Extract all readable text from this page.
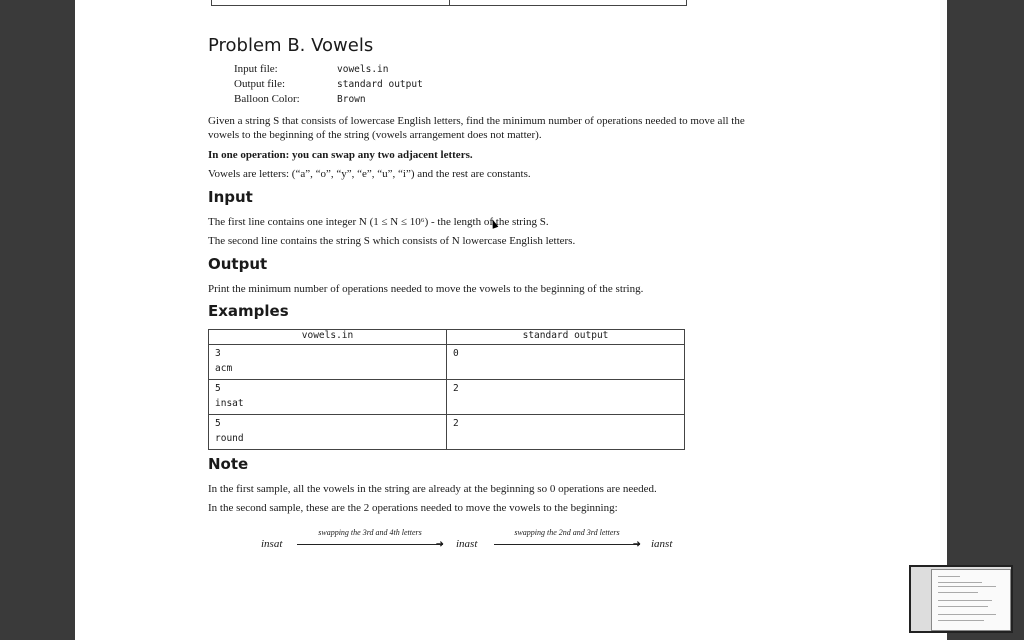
Problem B. Vowels
Input file:	vowels.in
Output file:	standard output
Balloon Color:	Brown
Given a string S that consists of lowercase English letters, find the minimum number of operations needed to move all the vowels to the beginning of the string (vowels arrangement does not matter).
In one operation: you can swap any two adjacent letters.
Vowels are letters: (“a”, “o”, “y”, “e”, “u”, “i”) and the rest are constants.
Input
The first line contains one integer N (1 ≤ N ≤ 10⁶) - the length of the string S.
The second line contains the string S which consists of N lowercase English letters.
Output
Print the minimum number of operations needed to move the vowels to the beginning of the string.
Examples
vowels.in	standard output
3
acm	0
5
insat	2
5
round	2
Note
In the first sample, all the vowels in the string are already at the beginning so 0 operations are needed.
In the second sample, these are the 2 operations needed to move the vowels to the beginning:
insat
swapping the 3rd and 4th letters
➜ inast
swapping the 2nd and 3rd letters
➜ ianst
